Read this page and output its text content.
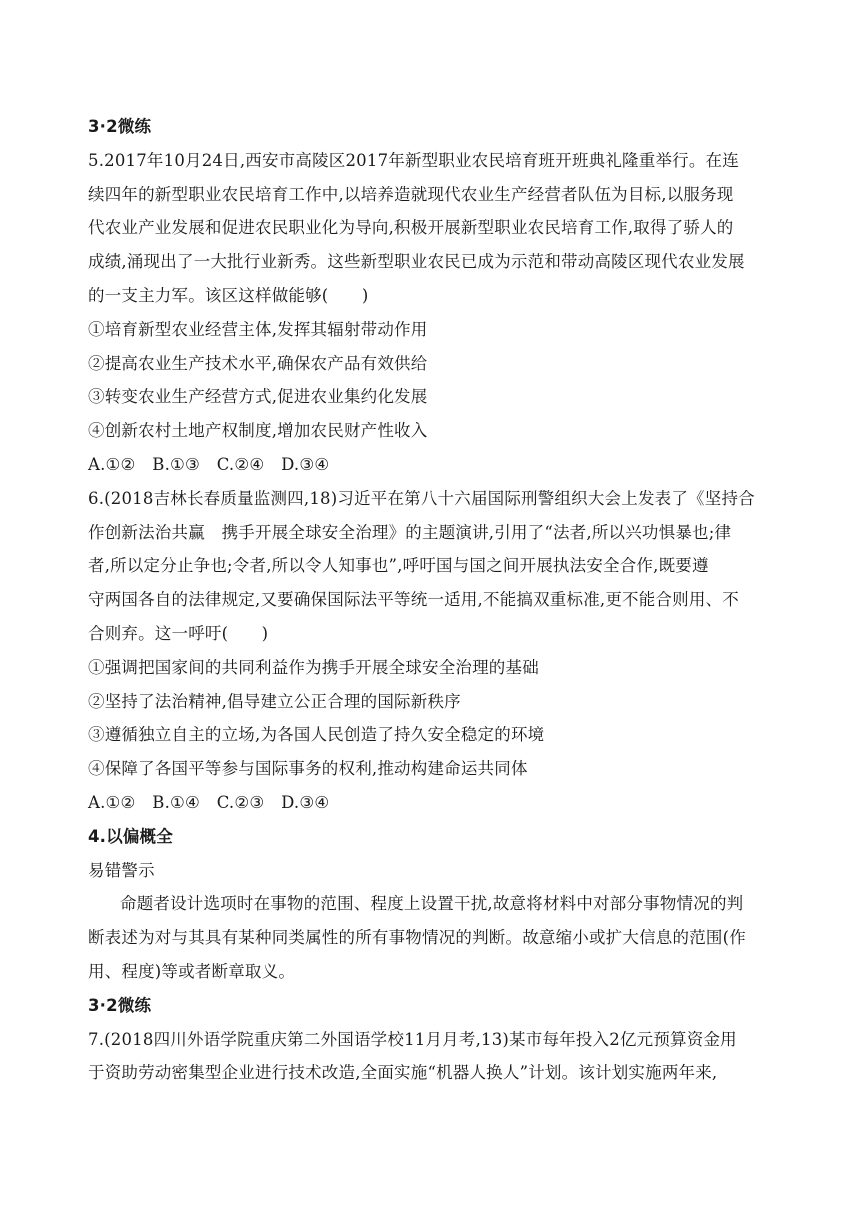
3·2微练
5.2017年10月24日,西安市高陵区2017年新型职业农民培育班开班典礼隆重举行。在连
续四年的新型职业农民培育工作中,以培养造就现代农业生产经营者队伍为目标,以服务现
代农业产业发展和促进农民职业化为导向,积极开展新型职业农民培育工作,取得了骄人的
成绩,涌现出了一大批行业新秀。这些新型职业农民已成为示范和带动高陵区现代农业发展
的一支主力军。该区这样做能够(　　)
①培育新型农业经营主体,发挥其辐射带动作用
②提高农业生产技术水平,确保农产品有效供给
③转变农业生产经营方式,促进农业集约化发展
④创新农村土地产权制度,增加农民财产性收入
A.①②　B.①③　C.②④　D.③④
6.(2018吉林长春质量监测四,18)习近平在第八十六届国际刑警组织大会上发表了《坚持合
作创新法治共赢　携手开展全球安全治理》的主题演讲,引用了“法者,所以兴功惧暴也;律
者,所以定分止争也;令者,所以令人知事也”,呼吁国与国之间开展执法安全合作,既要遵
守两国各自的法律规定,又要确保国际法平等统一适用,不能搞双重标准,更不能合则用、不
合则弃。这一呼吁(　　)
①强调把国家间的共同利益作为携手开展全球安全治理的基础
②坚持了法治精神,倡导建立公正合理的国际新秩序
③遵循独立自主的立场,为各国人民创造了持久安全稳定的环境
④保障了各国平等参与国际事务的权利,推动构建命运共同体
A.①②　B.①④　C.②③　D.③④
4.以偏概全
易错警示
命题者设计选项时在事物的范围、程度上设置干扰,故意将材料中对部分事物情况的判
断表述为对与其具有某种同类属性的所有事物情况的判断。故意缩小或扩大信息的范围(作
用、程度)等或者断章取义。
3·2微练
7.(2018四川外语学院重庆第二外国语学校11月月考,13)某市每年投入2亿元预算资金用
于资助劳动密集型企业进行技术改造,全面实施“机器人换人”计划。该计划实施两年来,
